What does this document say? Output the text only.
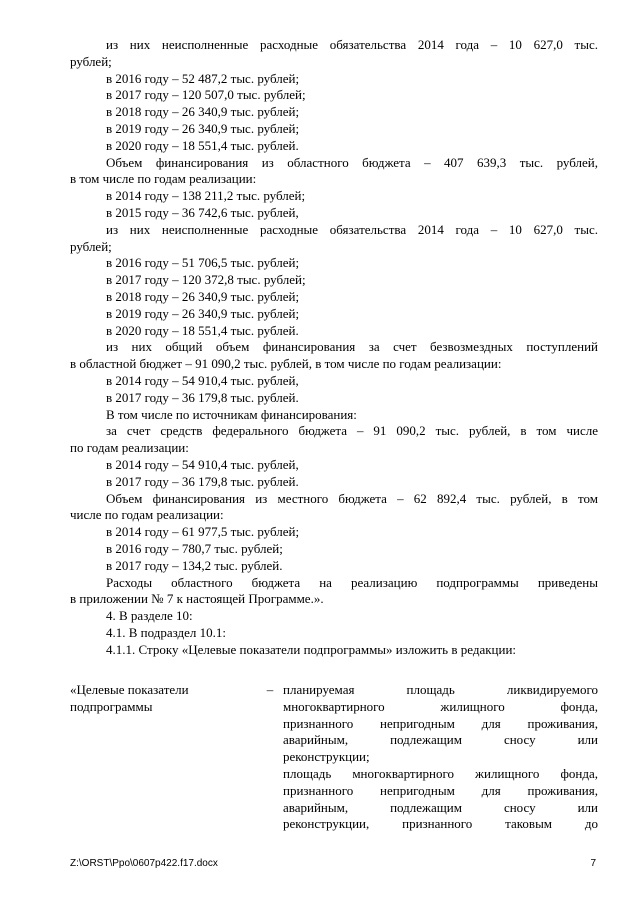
из них неисполненные расходные обязательства 2014 года – 10 627,0 тыс.
рублей;
в 2016 году – 52 487,2 тыс. рублей;
в 2017 году – 120 507,0 тыс. рублей;
в 2018 году – 26 340,9 тыс. рублей;
в 2019 году – 26 340,9 тыс. рублей;
в 2020 году – 18 551,4 тыс. рублей.
Объем финансирования из областного бюджета – 407 639,3 тыс. рублей,
в том числе по годам реализации:
в 2014 году – 138 211,2 тыс. рублей;
в 2015 году – 36 742,6 тыс. рублей,
из них неисполненные расходные обязательства 2014 года – 10 627,0 тыс.
рублей;
в 2016 году – 51 706,5 тыс. рублей;
в 2017 году – 120 372,8 тыс. рублей;
в 2018 году – 26 340,9 тыс. рублей;
в 2019 году – 26 340,9 тыс. рублей;
в 2020 году – 18 551,4 тыс. рублей.
из них общий объем финансирования за счет безвозмездных поступлений
в областной бюджет – 91 090,2 тыс. рублей, в том числе по годам реализации:
в 2014 году – 54 910,4 тыс. рублей,
в 2017 году – 36 179,8 тыс. рублей.
В том числе по источникам финансирования:
за счет средств федерального бюджета – 91 090,2 тыс. рублей, в том числе
по годам реализации:
в 2014 году – 54 910,4 тыс. рублей,
в 2017 году – 36 179,8 тыс. рублей.
Объем финансирования из местного бюджета – 62 892,4 тыс. рублей, в том
числе по годам реализации:
в 2014 году – 61 977,5 тыс. рублей;
в 2016 году – 780,7 тыс. рублей;
в 2017 году – 134,2 тыс. рублей.
Расходы областного бюджета на реализацию подпрограммы приведены
в приложении № 7 к настоящей Программе.».
4. В разделе 10:
4.1. В подраздел 10.1:
4.1.1. Строку «Целевые показатели подпрограммы» изложить в редакции:
«Целевые показатели
подпрограммы
– планируемая площадь ликвидируемого
многоквартирного жилищного фонда,
признанного непригодным для проживания,
аварийным, подлежащим сносу или
реконструкции;
площадь многоквартирного жилищного фонда,
признанного непригодным для проживания,
аварийным, подлежащим сносу или
реконструкции, признанного таковым до
Z:\ORST\Ppo\0607p422.f17.docx	7
